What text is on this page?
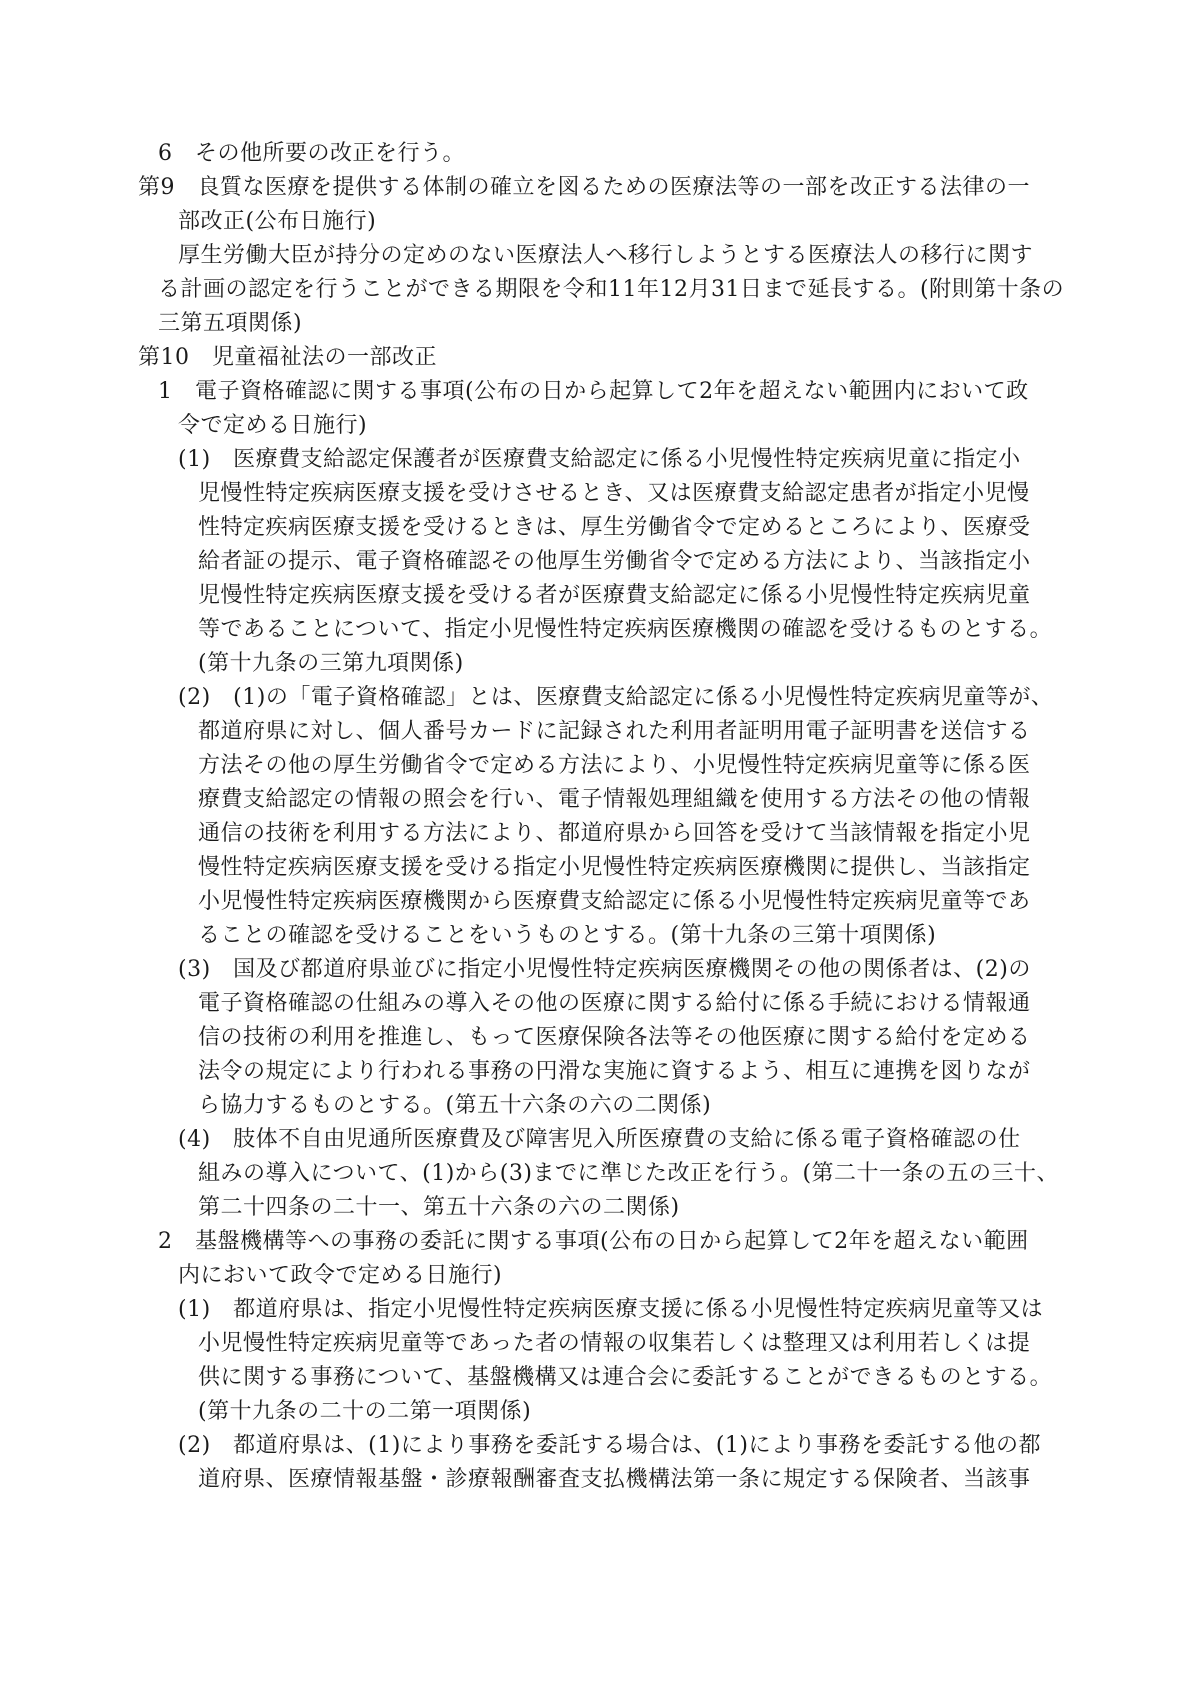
6　その他所要の改正を行う。
第9　良質な医療を提供する体制の確立を図るための医療法等の一部を改正する法律の一
部改正(公布日施行)
厚生労働大臣が持分の定めのない医療法人へ移行しようとする医療法人の移行に関す
る計画の認定を行うことができる期限を令和11年12月31日まで延長する。(附則第十条の
三第五項関係)
第10　児童福祉法の一部改正
1　電子資格確認に関する事項(公布の日から起算して2年を超えない範囲内において政
令で定める日施行)
(1)　医療費支給認定保護者が医療費支給認定に係る小児慢性特定疾病児童に指定小
児慢性特定疾病医療支援を受けさせるとき、又は医療費支給認定患者が指定小児慢
性特定疾病医療支援を受けるときは、厚生労働省令で定めるところにより、医療受
給者証の提示、電子資格確認その他厚生労働省令で定める方法により、当該指定小
児慢性特定疾病医療支援を受ける者が医療費支給認定に係る小児慢性特定疾病児童
等であることについて、指定小児慢性特定疾病医療機関の確認を受けるものとする。
(第十九条の三第九項関係)
(2)　(1)の「電子資格確認」とは、医療費支給認定に係る小児慢性特定疾病児童等が、
都道府県に対し、個人番号カードに記録された利用者証明用電子証明書を送信する
方法その他の厚生労働省令で定める方法により、小児慢性特定疾病児童等に係る医
療費支給認定の情報の照会を行い、電子情報処理組織を使用する方法その他の情報
通信の技術を利用する方法により、都道府県から回答を受けて当該情報を指定小児
慢性特定疾病医療支援を受ける指定小児慢性特定疾病医療機関に提供し、当該指定
小児慢性特定疾病医療機関から医療費支給認定に係る小児慢性特定疾病児童等であ
ることの確認を受けることをいうものとする。(第十九条の三第十項関係)
(3)　国及び都道府県並びに指定小児慢性特定疾病医療機関その他の関係者は、(2)の
電子資格確認の仕組みの導入その他の医療に関する給付に係る手続における情報通
信の技術の利用を推進し、もって医療保険各法等その他医療に関する給付を定める
法令の規定により行われる事務の円滑な実施に資するよう、相互に連携を図りなが
ら協力するものとする。(第五十六条の六の二関係)
(4)　肢体不自由児通所医療費及び障害児入所医療費の支給に係る電子資格確認の仕
組みの導入について、(1)から(3)までに準じた改正を行う。(第二十一条の五の三十、
第二十四条の二十一、第五十六条の六の二関係)
2　基盤機構等への事務の委託に関する事項(公布の日から起算して2年を超えない範囲
内において政令で定める日施行)
(1)　都道府県は、指定小児慢性特定疾病医療支援に係る小児慢性特定疾病児童等又は
小児慢性特定疾病児童等であった者の情報の収集若しくは整理又は利用若しくは提
供に関する事務について、基盤機構又は連合会に委託することができるものとする。
(第十九条の二十の二第一項関係)
(2)　都道府県は、(1)により事務を委託する場合は、(1)により事務を委託する他の都
道府県、医療情報基盤・診療報酬審査支払機構法第一条に規定する保険者、当該事
